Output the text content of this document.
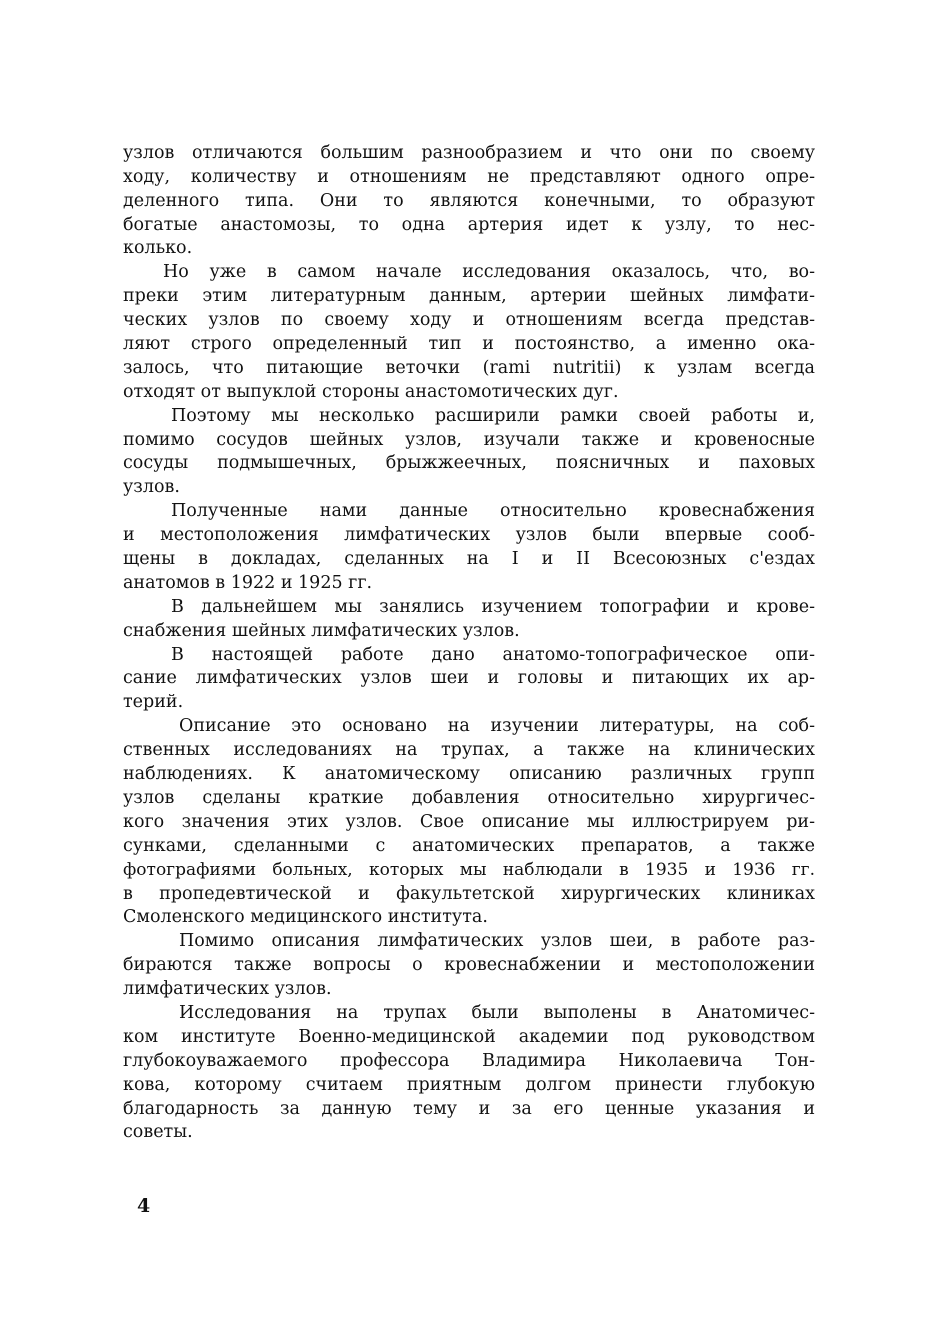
узлов отличаются большим разнообразием и что они по своему
ходу, количеству и отношениям не представляют одного опре-
деленного типа. Они то являются конечными, то образуют
богатые анастомозы, то одна артерия идет к узлу, то нес-
колько.
Но уже в самом начале исследования оказалось, что, во-
преки этим литературным данным, артерии шейных лимфати-
ческих узлов по своему ходу и отношениям всегда представ-
ляют строго определенный тип и постоянство, а именно ока-
залось, что питающие веточки (rami nutritii) к узлам всегда
отходят от выпуклой стороны анастомотических дуг.
Поэтому мы несколько расширили рамки своей работы и,
помимо сосудов шейных узлов, изучали также и кровеносные
сосуды подмышечных, брыжжеечных, поясничных и паховых
узлов.
Полученные нами данные относительно кровеснабжения
и местоположения лимфатических узлов были впервые сооб-
щены в докладах, сделанных на I и II Всесоюзных с'ездах
анатомов в 1922 и 1925 гг.
В дальнейшем мы занялись изучением топографии и крове-
снабжения шейных лимфатических узлов.
В настоящей работе дано анатомо-топографическое опи-
сание лимфатических узлов шеи и головы и питающих их ар-
терий.
Описание это основано на изучении литературы, на соб-
ственных исследованиях на трупах, а также на клинических
наблюдениях. К анатомическому описанию различных групп
узлов сделаны краткие добавления относительно хирургичес-
кого значения этих узлов. Свое описание мы иллюстрируем ри-
сунками, сделанными с анатомических препаратов, а также
фотографиями больных, которых мы наблюдали в 1935 и 1936 гг.
в пропедевтической и факультетской хирургических клиниках
Смоленского медицинского института.
Помимо описания лимфатических узлов шеи, в работе раз-
бираются также вопросы о кровеснабжении и местоположении
лимфатических узлов.
Исследования на трупах были выполены в Анатомичес-
ком институте Военно-медицинской академии под руководством
глубокоуважаемого профессора Владимира Николаевича Тон-
кова, которому считаем приятным долгом принести глубокую
благодарность за данную тему и за его ценные указания и
советы.
4
